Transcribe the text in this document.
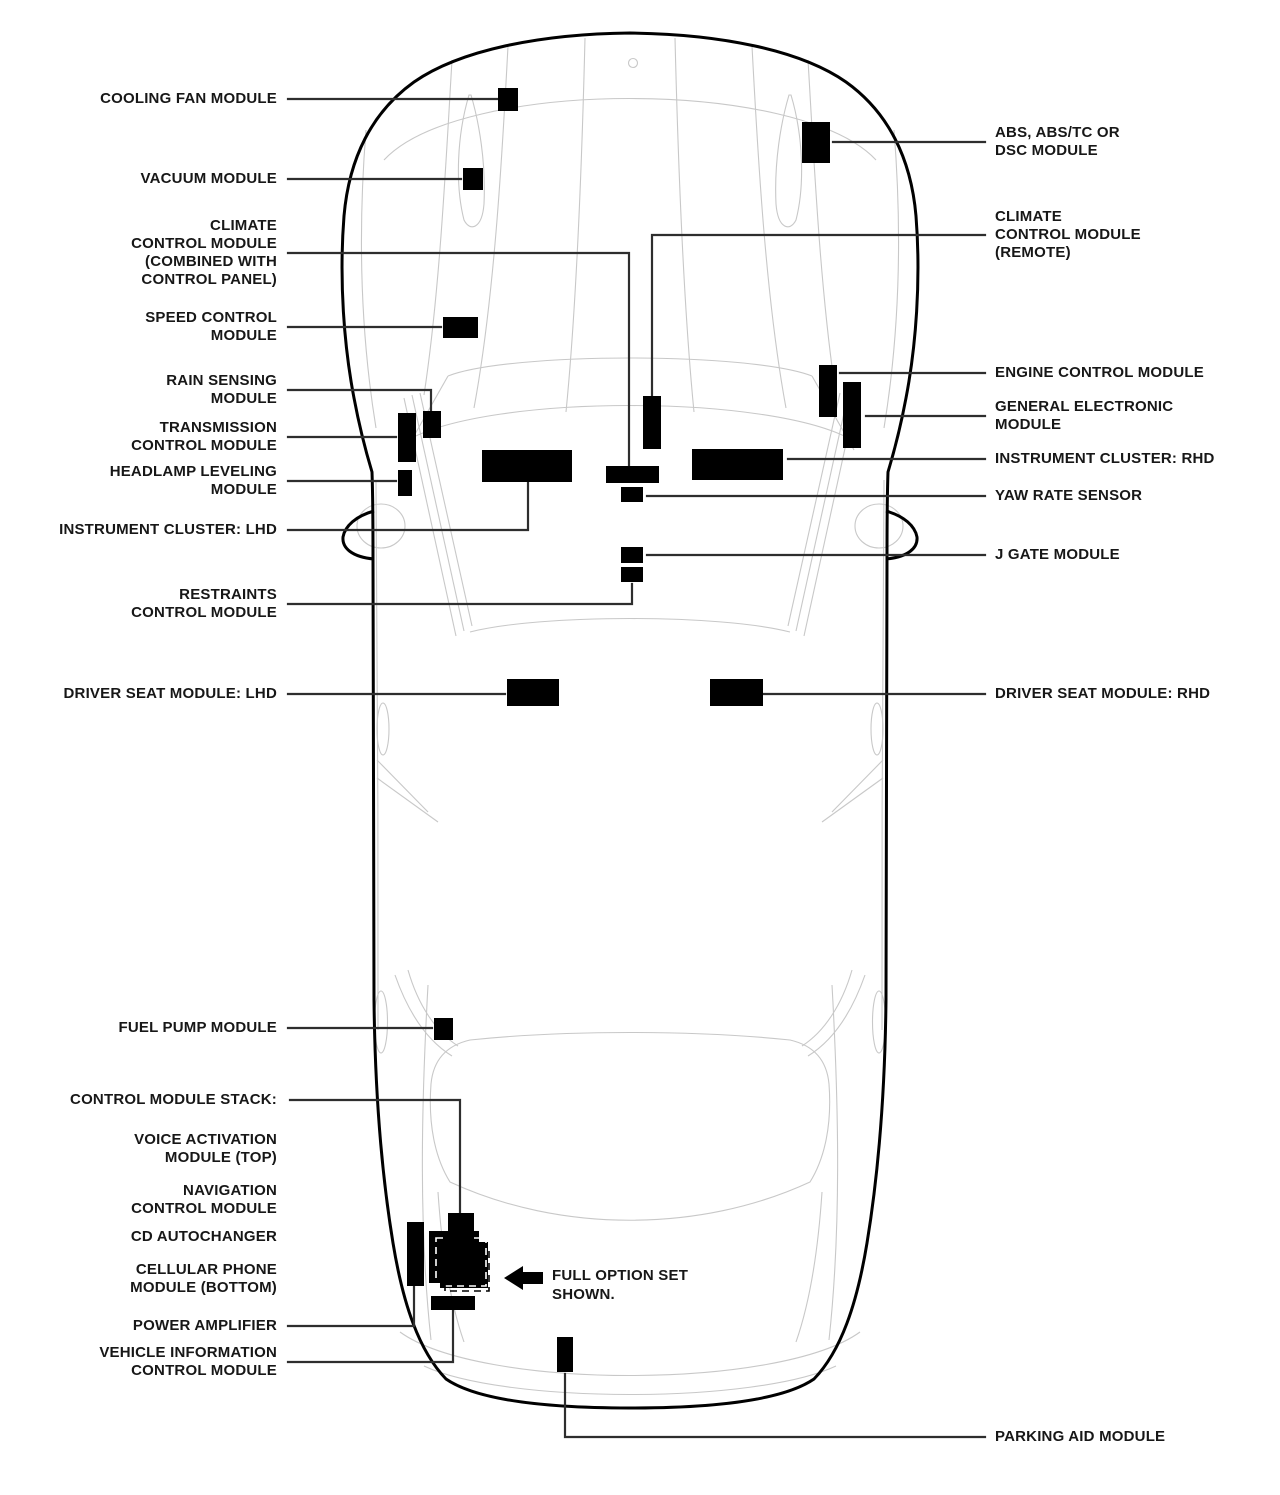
COOLING FAN MODULE
VACUUM MODULE
CLIMATE
CONTROL MODULE
(COMBINED WITH
CONTROL PANEL)
SPEED CONTROL
MODULE
RAIN SENSING
MODULE
TRANSMISSION
CONTROL MODULE
HEADLAMP LEVELING
MODULE
INSTRUMENT CLUSTER: LHD
RESTRAINTS
CONTROL MODULE
DRIVER SEAT MODULE: LHD
FUEL PUMP MODULE
CONTROL MODULE STACK:
VOICE ACTIVATION
MODULE (TOP)
NAVIGATION
CONTROL MODULE
CD AUTOCHANGER
CELLULAR PHONE
MODULE (BOTTOM)
POWER AMPLIFIER
VEHICLE INFORMATION
CONTROL MODULE
ABS, ABS/TC OR
DSC MODULE
CLIMATE
CONTROL MODULE
(REMOTE)
ENGINE CONTROL MODULE
GENERAL ELECTRONIC
MODULE
INSTRUMENT CLUSTER: RHD
YAW RATE SENSOR
J GATE MODULE
DRIVER SEAT MODULE: RHD
PARKING AID MODULE
FULL OPTION SET
SHOWN.
